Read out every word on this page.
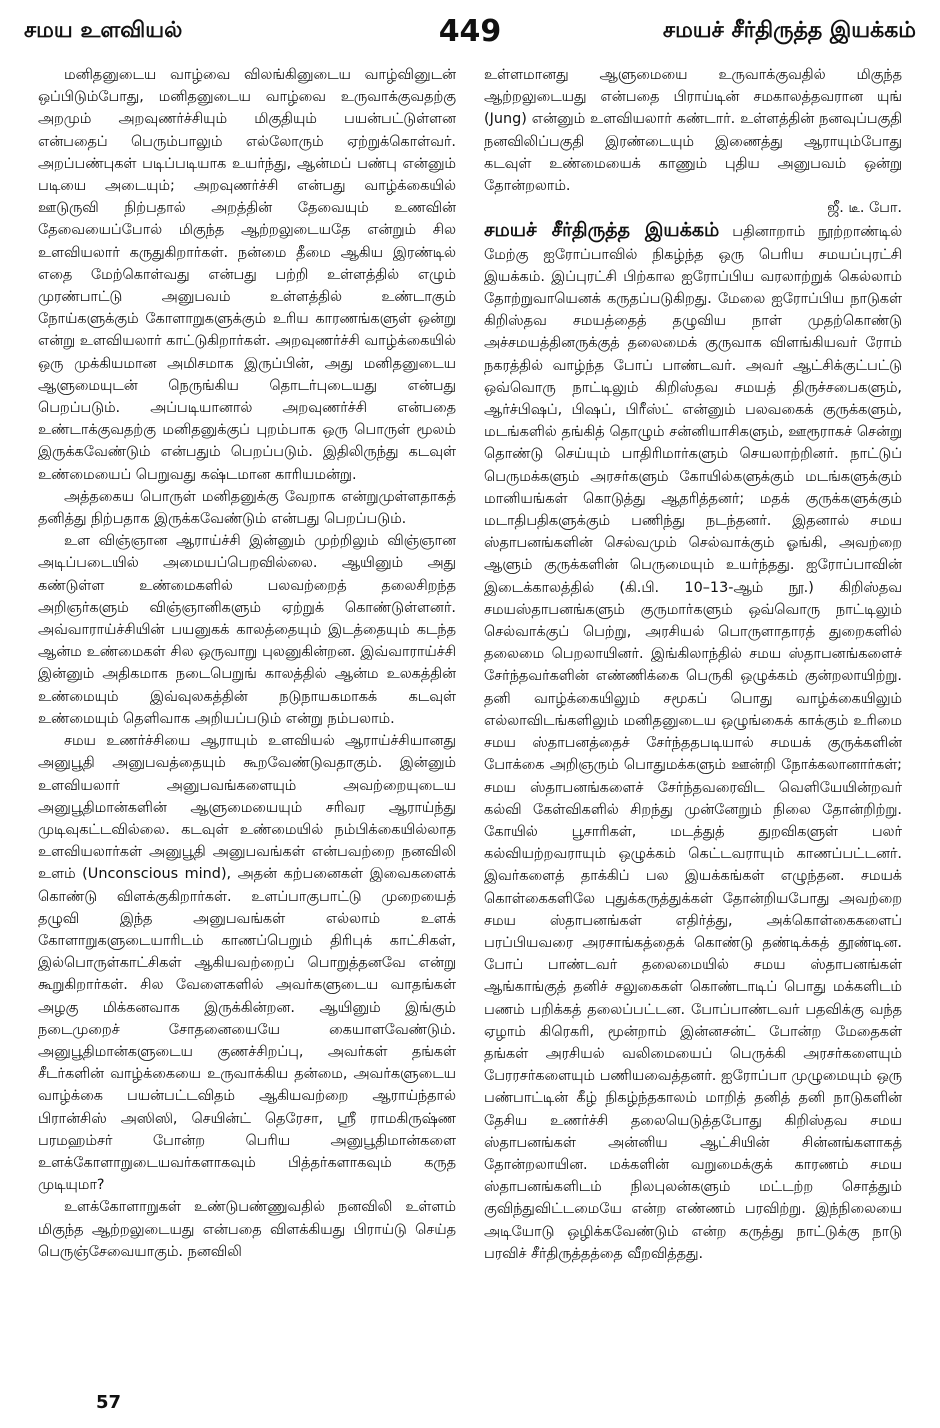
சமய உளவியல்	449	சமயச் சீர்திருத்த இயக்கம்

மனிதனுடைய வாழ்வை விலங்கினுடைய வாழ்வினுடன் ஒப்பிடும்போது, மனிதனுடைய வாழ்வை உருவாக்குவதற்கு அறமும் அறவுணர்ச்சியும் மிகுதியும் பயன்பட்டுள்ளன என்பதைப் பெரும்பாலும் எல்லோரும் ஏற்றுக்கொள்வர். அறப்பண்புகள் படிப்படியாக உயர்ந்து, ஆன்மப் பண்பு என்னும் படியை அடையும்; அறவுணர்ச்சி என்பது வாழ்க்கையில் ஊடுருவி நிற்பதால் அறத்தின் தேவையும் உணவின் தேவையைப்போல் மிகுந்த ஆற்றலுடையதே என்றும் சில உளவியலார் கருதுகிறார்கள். நன்மை தீமை ஆகிய இரண்டில் எதை மேற்கொள்வது என்பது பற்றி உள்ளத்தில் எழும் முரண்பாட்டு அனுபவம் உள்ளத்தில் உண்டாகும் நோய்களுக்கும் கோளாறுகளுக்கும் உரிய காரணங்களுள் ஒன்று என்று உளவியலார் காட்டுகிறார்கள். அறவுணர்ச்சி வாழ்க்கையில் ஒரு முக்கியமான அமிசமாக இருப்பின், அது மனிதனுடைய ஆளுமையுடன் நெருங்கிய தொடர்புடையது என்பது பெறப்படும். அப்படியானால் அறவுணர்ச்சி என்பதை உண்டாக்குவதற்கு மனிதனுக்குப் புறம்பாக ஒரு பொருள் மூலம் இருக்கவேண்டும் என்பதும் பெறப்படும். இதிலிருந்து கடவுள் உண்மையைப் பெறுவது கஷ்டமான காரியமன்று.

அத்தகைய பொருள் மனிதனுக்கு வேறாக என்றுமுள்ளதாகத் தனித்து நிற்பதாக இருக்கவேண்டும் என்பது பெறப்படும்.

உள விஞ்ஞான ஆராய்ச்சி இன்னும் முற்றிலும் விஞ்ஞான அடிப்படையில் அமையப்பெறவில்லை. ஆயினும் அது கண்டுள்ள உண்மைகளில் பலவற்றைத் தலைசிறந்த அறிஞர்களும் விஞ்ஞானிகளும் ஏற்றுக் கொண்டுள்ளனர். அவ்வாராய்ச்சியின் பயனுகக் காலத்தையும் இடத்தையும் கடந்த ஆன்ம உண்மைகள் சில ஒருவாறு புலனுகின்றன. இவ்வாராய்ச்சி இன்னும் அதிகமாக நடைபெறுங் காலத்தில் ஆன்ம உலகத்தின் உண்மையும் இவ்வுலகத்தின் நடுநாயகமாகக் கடவுள் உண்மையும் தெளிவாக அறியப்படும் என்று நம்பலாம்.

சமய உணர்ச்சியை ஆராயும் உளவியல் ஆராய்ச்சியானது அனுபூதி அனுபவத்தையும் கூறவேண்டுவதாகும். இன்னும் உளவியலார் அனுபவங்களையும் அவற்றையுடைய அனுபூதிமான்களின் ஆளுமையையும் சரிவர ஆராய்ந்து முடிவுகட்டவில்லை. கடவுள் உண்மையில் நம்பிக்கையில்லாத உளவியலார்கள் அனுபூதி அனுபவங்கள் என்பவற்றை நனவிலி உளம் (Unconscious mind), அதன் கற்பனைகள் இவைகளைக் கொண்டு விளக்குகிறார்கள். உளப்பாகுபாட்டு முறையைத் தழுவி இந்த அனுபவங்கள் எல்லாம் உளக் கோளாறுகளுடையாரிடம் காணப்பெறும் திரிபுக் காட்சிகள், இல்பொருள்காட்சிகள் ஆகியவற்றைப் பொறுத்தனவே என்று கூறுகிறார்கள். சில வேளைகளில் அவர்களுடைய வாதங்கள் அழகு மிக்கனவாக இருக்கின்றன. ஆயினும் இங்கும் நடைமுறைச் சோதனையையே கையாளவேண்டும். அனுபூதிமான்களுடைய குணச்சிறப்பு, அவர்கள் தங்கள் சீடர்களின் வாழ்க்கையை உருவாக்கிய தன்மை, அவர்களுடைய வாழ்க்கை பயன்பட்டவிதம் ஆகியவற்றை ஆராய்ந்தால் பிரான்சிஸ் அஸிஸி, செயின்ட் தெரேசா, ஸ்ரீ ராமகிருஷ்ண பரமஹம்சர் போன்ற பெரிய அனுபூதிமான்களை உளக்கோளாறுடையவர்களாகவும் பித்தர்களாகவும் கருத முடியுமா?

உளக்கோளாறுகள் உண்டுபண்ணுவதில் நனவிலி உள்ளம் மிகுந்த ஆற்றலுடையது என்பதை விளக்கியது பிராய்டு செய்த பெருஞ்சேவையாகும். நனவிலி

உள்ளமானது ஆளுமையை உருவாக்குவதில் மிகுந்த ஆற்றலுடையது என்பதை பிராய்டின் சமகாலத்தவரான யுங் (Jung) என்னும் உளவியலார் கண்டார். உள்ளத்தின் நனவுப்பகுதி நனவிலிப்பகுதி இரண்டையும் இணைத்து ஆராயும்போது கடவுள் உண்மையைக் காணும் புதிய அனுபவம் ஒன்று தோன்றலாம்.

ஜீ. டீ. போ.

சமயச் சீர்திருத்த இயக்கம் பதினாறாம் நூற்றாண்டில் மேற்கு ஐரோப்பாவில் நிகழ்ந்த ஒரு பெரிய சமயப்புரட்சி இயக்கம். இப்புரட்சி பிற்கால ஐரோப்பிய வரலாற்றுக் கெல்லாம் தோற்றுவாயெனக் கருதப்படுகிறது. மேலை ஐரோப்பிய நாடுகள் கிறிஸ்தவ சமயத்தைத் தழுவிய நாள் முதற்கொண்டு அச்சமயத்தினருக்குத் தலைமைக் குருவாக விளங்கியவர் ரோம் நகரத்தில் வாழ்ந்த போப் பாண்டவர். அவர் ஆட்சிக்குட்பட்டு ஒவ்வொரு நாட்டிலும் கிறிஸ்தவ சமயத் திருச்சபைகளும், ஆர்ச்பிஷப், பிஷப், பிரீஸ்ட் என்னும் பலவகைக் குருக்களும், மடங்களில் தங்கித் தொழும் சன்னியாசிகளும், ஊரூராகச் சென்று தொண்டு செய்யும் பாதிரிமார்களும் செயலாற்றினர். நாட்டுப் பெருமக்களும் அரசர்களும் கோயில்களுக்கும் மடங்களுக்கும் மானியங்கள் கொடுத்து ஆதரித்தனர்; மதக் குருக்களுக்கும் மடாதிபதிகளுக்கும் பணிந்து நடந்தனர். இதனால் சமய ஸ்தாபனங்களின் செல்வமும் செல்வாக்கும் ஓங்கி, அவற்றை ஆளும் குருக்களின் பெருமையும் உயர்ந்தது. ஐரோப்பாவின் இடைக்காலத்தில் (கி.பி. 10–13-ஆம் நூ.) கிறிஸ்தவ சமயஸ்தாபனங்களும் குருமார்களும் ஒவ்வொரு நாட்டிலும் செல்வாக்குப் பெற்று, அரசியல் பொருளாதாரத் துறைகளில் தலைமை பெறலாயினர். இங்கிலாந்தில் சமய ஸ்தாபனங்களைச் சேர்ந்தவர்களின் எண்ணிக்கை பெருகி ஒழுக்கம் குன்றலாயிற்று. தனி வாழ்க்கையிலும் சமூகப் பொது வாழ்க்கையிலும் எல்லாவிடங்களிலும் மனிதனுடைய ஒழுங்கைக் காக்கும் உரிமை சமய ஸ்தாபனத்தைச் சேர்ந்ததபடியால் சமயக் குருக்களின் போக்கை அறிஞரும் பொதுமக்களும் ஊன்றி நோக்கலானார்கள்; சமய ஸ்தாபனங்களைச் சேர்ந்தவரைவிட வெளியேயின்றவர் கல்வி கேள்விகளில் சிறந்து முன்னேறும் நிலை தோன்றிற்று. கோயில் பூசாரிகள், மடத்துத் துறவிகளுள் பலர் கல்வியற்றவராயும் ஒழுக்கம் கெட்டவராயும் காணப்பட்டனர். இவர்களைத் தாக்கிப் பல இயக்கங்கள் எழுந்தன. சமயக் கொள்கைகளிலே புதுக்கருத்துக்கள் தோன்றியபோது அவற்றை சமய ஸ்தாபனங்கள் எதிர்த்து, அக்கொள்கைகளைப் பரப்பியவரை அரசாங்கத்தைக் கொண்டு தண்டிக்கத் தூண்டின. போப் பாண்டவர் தலைமையில் சமய ஸ்தாபனங்கள் ஆங்காங்குத் தனிச் சலுகைகள் கொண்டாடிப் பொது மக்களிடம் பணம் பறிக்கத் தலைப்பட்டன. போப்பாண்டவர் பதவிக்கு வந்த ஏழாம் கிரெகரி, மூன்றாம் இன்னசன்ட் போன்ற மேதைகள் தங்கள் அரசியல் வலிமையைப் பெருக்கி அரசர்களையும் பேரரசர்களையும் பணியவைத்தனர். ஐரோப்பா முழுமையும் ஒரு பண்பாட்டின் கீழ் நிகழ்ந்தகாலம் மாறித் தனித் தனி நாடுகளின் தேசிய உணர்ச்சி தலையெடுத்தபோது கிறிஸ்தவ சமய ஸ்தாபனங்கள் அன்னிய ஆட்சியின் சின்னங்களாகத் தோன்றலாயின. மக்களின் வறுமைக்குக் காரணம் சமய ஸ்தாபனங்களிடம் நிலபுலன்களும் மட்டற்ற சொத்தும் குவிந்துவிட்டமையே என்ற எண்ணம் பரவிற்று. இந்நிலையை அடியோடு ஒழிக்கவேண்டும் என்ற கருத்து நாட்டுக்கு நாடு பரவிச் சீர்திருத்தத்தை வீறவித்தது.

57
